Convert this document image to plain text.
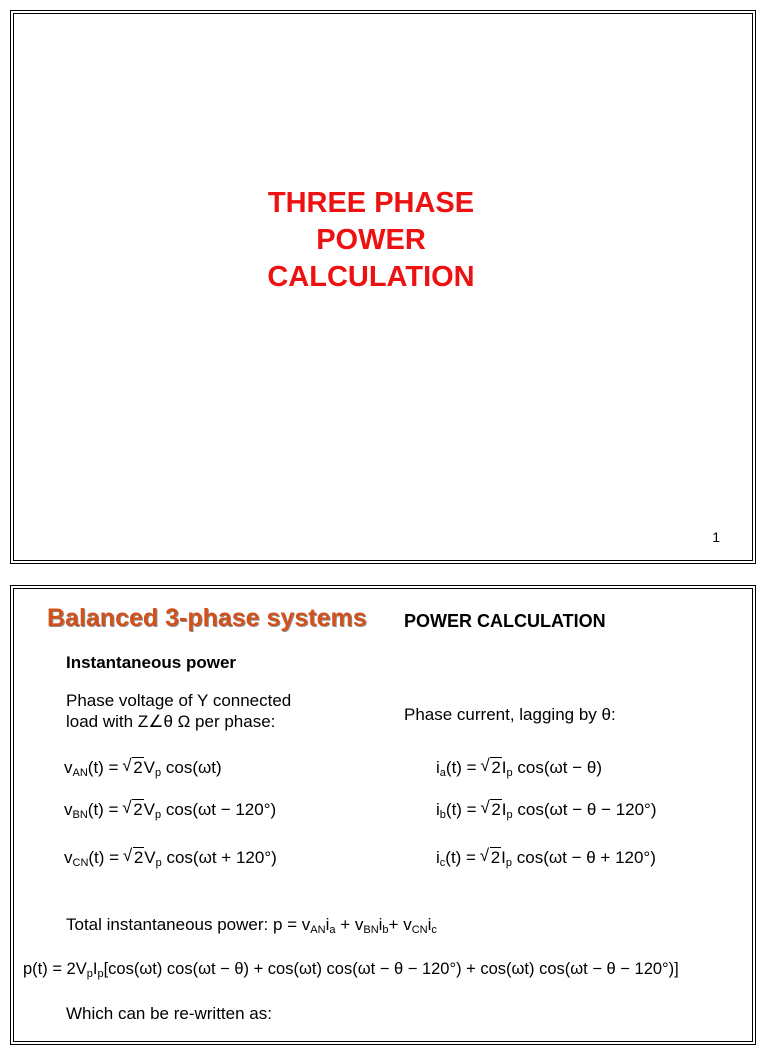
THREE PHASE
POWER
CALCULATION
1
Balanced 3-phase systems POWER CALCULATION
Instantaneous power
Phase voltage of Y connected
load with Z∠θ Ω per phase:	Phase current, lagging by θ:
$v_{AN}(t)$ = √ $2V_p$ cos(ωt)
$v_{BN}(t)$ = √ $2V_p$ cos(ωt − 120°)
$v_{CN}(t)$ = √ $2V_p$ cos(ωt + 120°)
$i_a(t)$ = √ $2I_p$ cos(ωt − θ)
$i_b(t)$ = √ $2I_p$ cos(ωt − θ − 120°)
$i_c(t)$ = √ $2I_p$ cos(ωt − θ + 120°)
Total instantaneous power: $p = v_{AN}i_a + v_{BN}i_b+ v_{CN}i_c$
$p(t) = 2V_pI_p[\cos(\omega t) \cos(\omega t - \theta) + \cos(\omega t) \cos(\omega t - \theta - 120^\circ) + \cos(\omega t) \cos(\omega t - \theta - 120^\circ)]$
Which can be re-written as:
